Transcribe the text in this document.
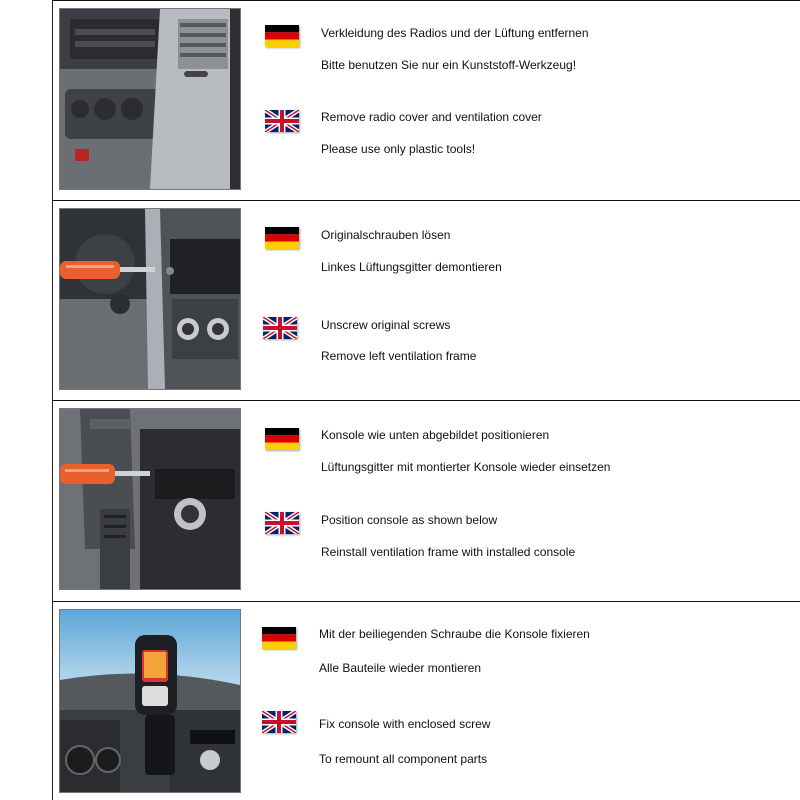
Verkleidung des Radios und der Lüftung entfernen
Bitte benutzen Sie nur ein Kunststoff-Werkzeug!
Remove radio cover and ventilation cover
Please use only plastic tools!
Originalschrauben lösen
Linkes Lüftungsgitter demontieren
Unscrew original screws
Remove left ventilation frame
Konsole wie unten abgebildet positionieren
Lüftungsgitter mit montierter Konsole wieder einsetzen
Position console as shown below
Reinstall ventilation frame with installed console
Mit der beiliegenden Schraube die Konsole fixieren
Alle Bauteile wieder montieren
Fix console with enclosed screw
To remount all component parts
